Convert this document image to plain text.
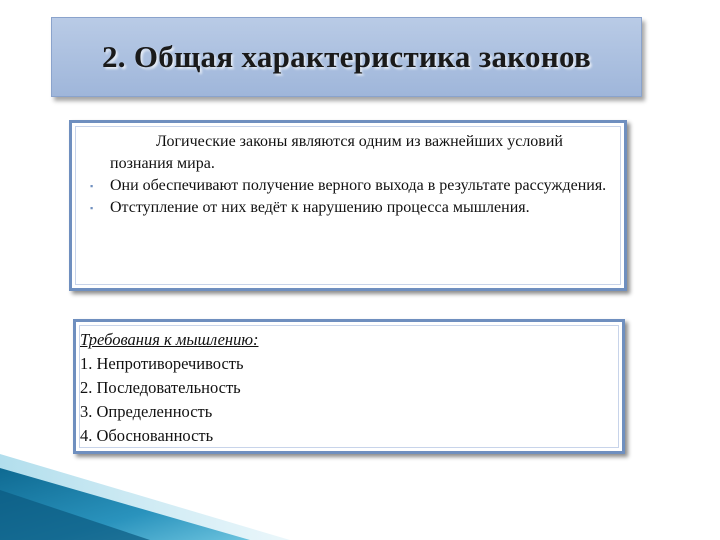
2. Общая характеристика законов
Логические законы являются одним из важнейших условий познания мира.
▪	Они обеспечивают получение верного выхода в результате рассуждения.
▪	Отступление от них ведёт к нарушению процесса мышления.
Требования к мышлению:
1. Непротиворечивость
2. Последовательность
3. Определенность
4. Обоснованность
